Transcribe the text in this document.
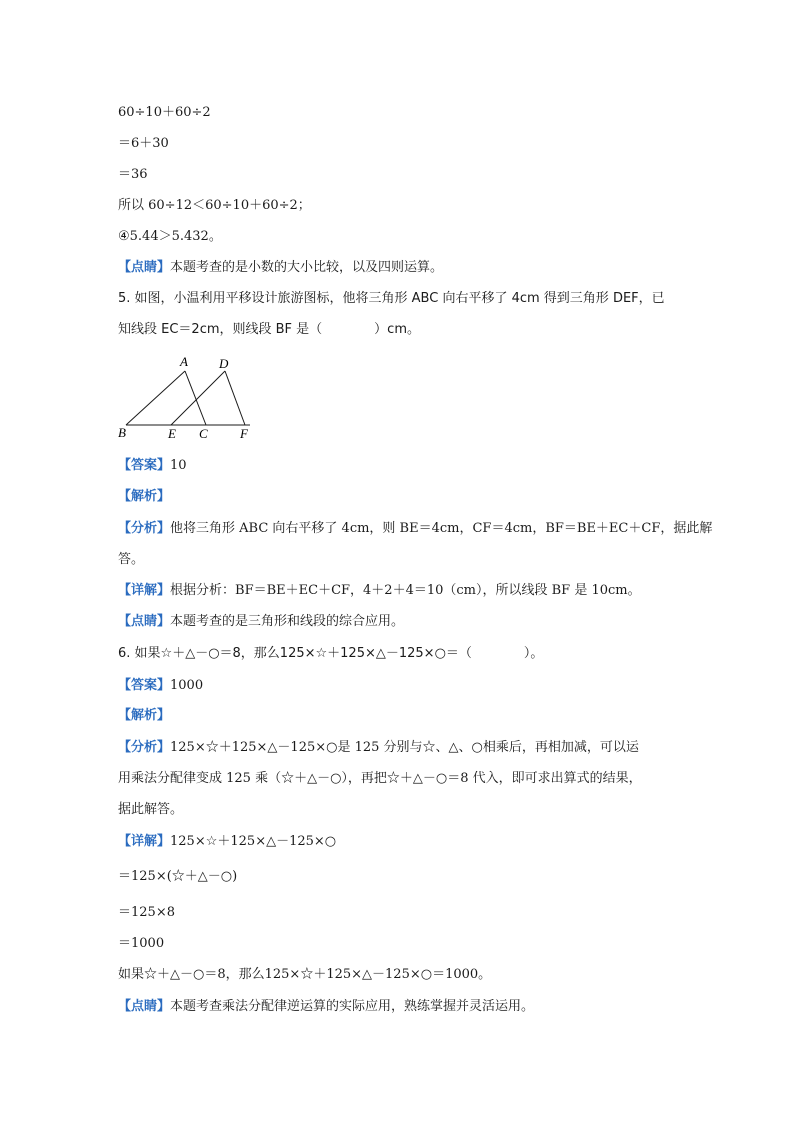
60÷10＋60÷2
＝6＋30
＝36
所以 60÷12＜60÷10＋60÷2；
④5.44＞5.432。
【点睛】本题考查的是小数的大小比较，以及四则运算。
5. 如图，小温利用平移设计旅游图标，他将三角形 ABC 向右平移了 4cm 得到三角形 DEF，已
知线段 EC＝2cm，则线段 BF 是（　　　　）cm。
A D
B	E C F
【答案】10
【解析】
【分析】他将三角形 ABC 向右平移了 4cm，则 BE＝4cm，CF＝4cm，BF＝BE＋EC＋CF，据此解
答。
【详解】根据分析：BF＝BE＋EC＋CF，4＋2＋4＝10（cm），所以线段 BF 是 10cm。
【点睛】本题考查的是三角形和线段的综合应用。
6. 如果☆＋△－○＝8，那么125×☆＋125×△－125×○＝（　　　　）。
【答案】1000
【解析】
【分析】125×☆＋125×△－125×○是 125 分别与☆、△、○相乘后，再相加减，可以运
用乘法分配律变成 125 乘（☆＋△－○），再把☆＋△－○＝8 代入，即可求出算式的结果，
据此解答。
【详解】125×☆＋125×△－125×○
＝125×(☆＋△－○)
＝125×8
＝1000
如果☆＋△－○＝8，那么125×☆＋125×△－125×○＝1000。
【点睛】本题考查乘法分配律逆运算的实际应用，熟练掌握并灵活运用。
